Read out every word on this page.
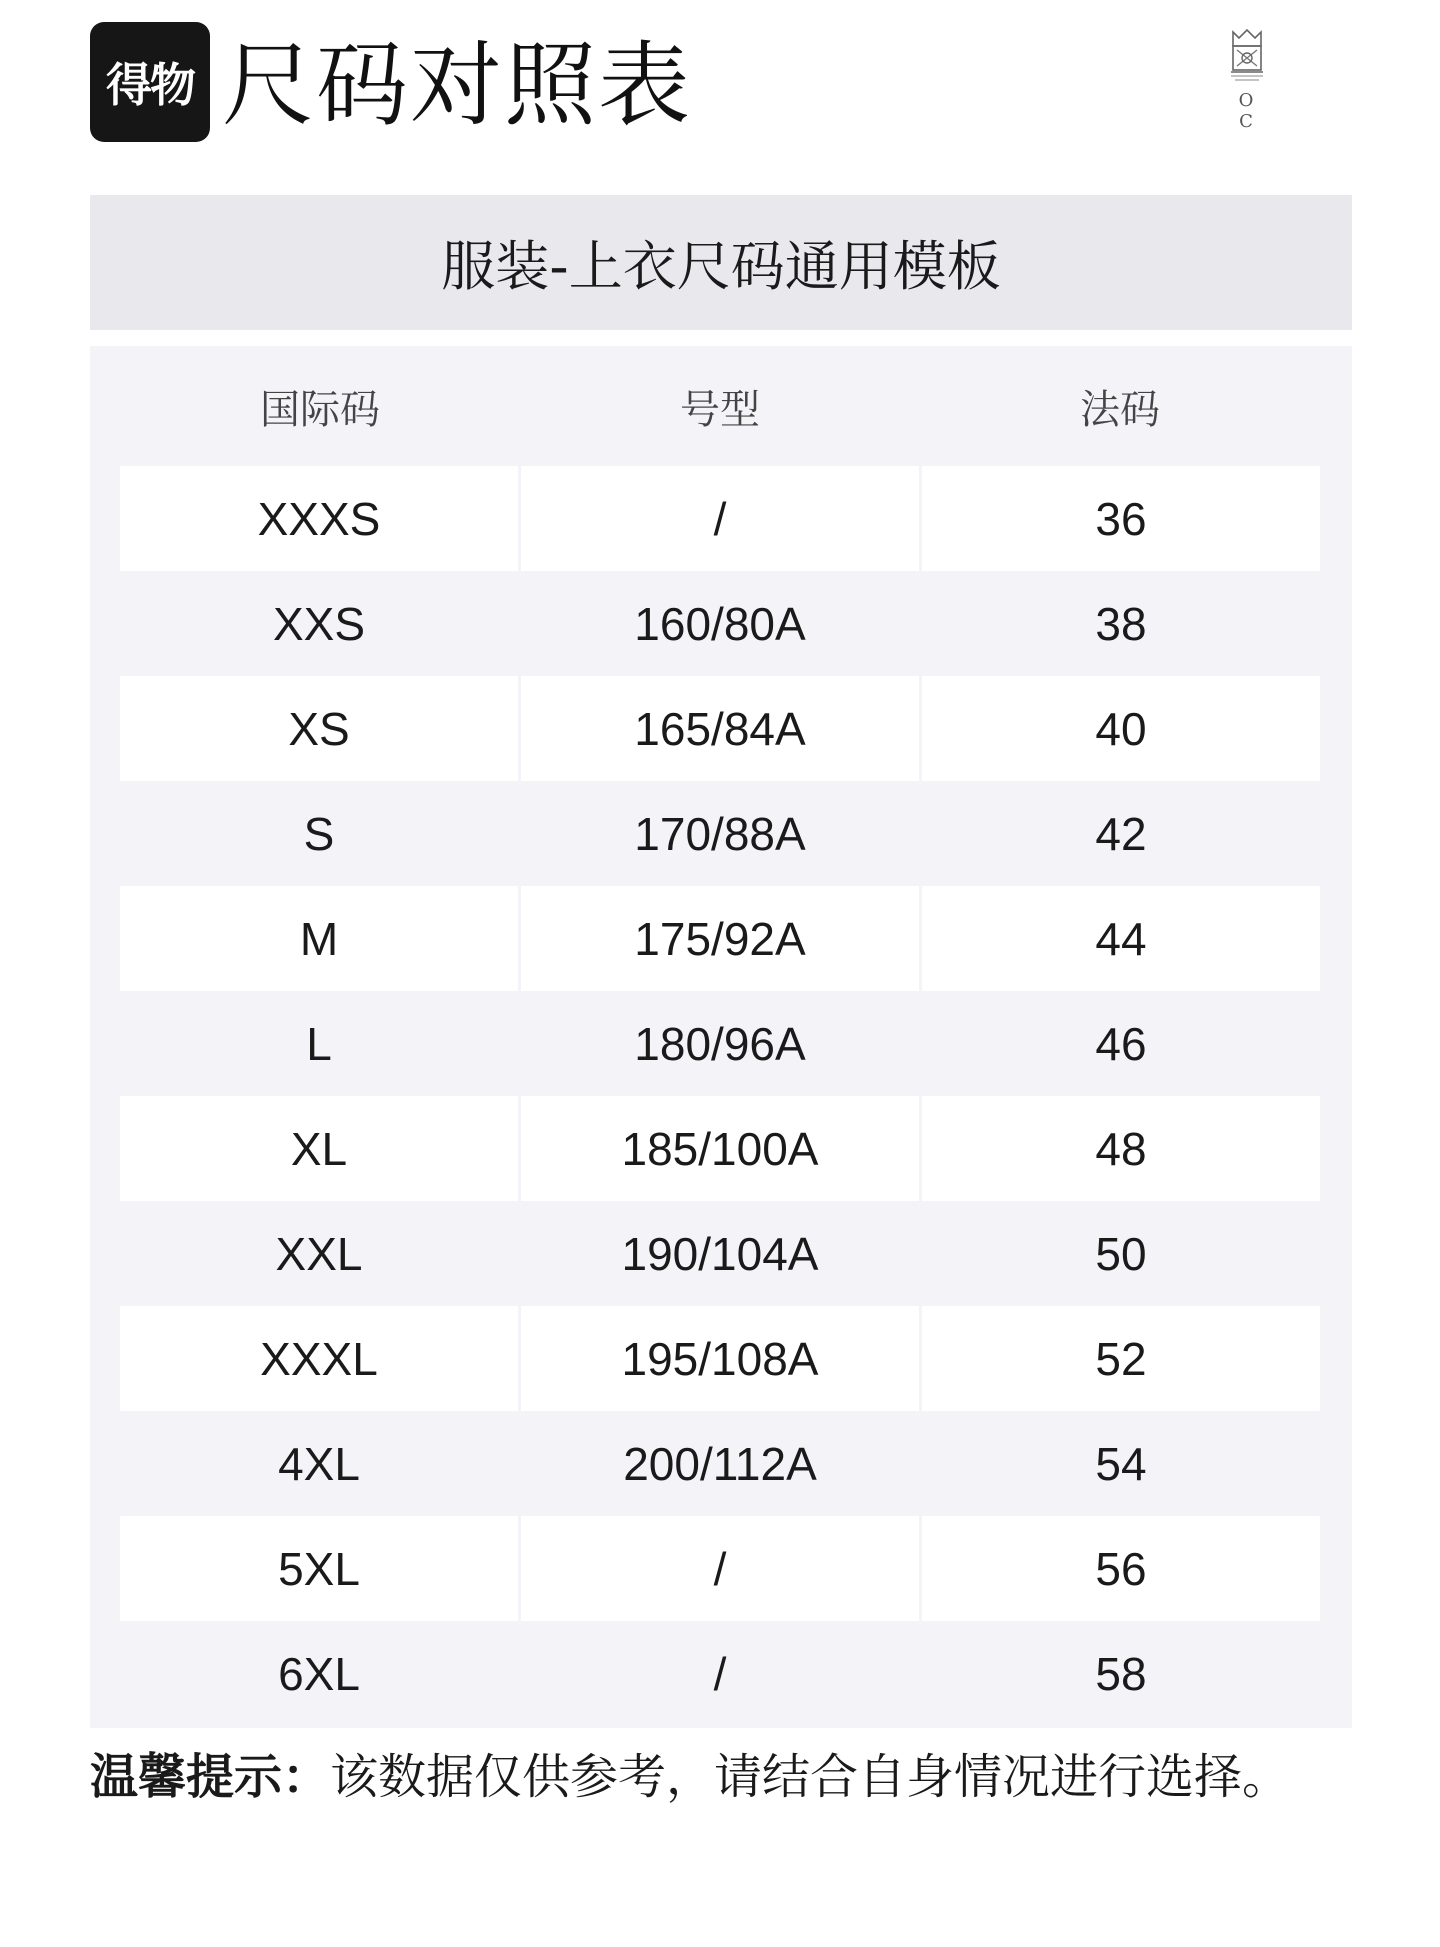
得物 尺码对照表	O C
服装-上衣尺码通用模板
国际码	号型	法码
XXXS	/	36
XXS	160/80A	38
XS	165/84A	40
S	170/88A	42
M	175/92A	44
L	180/96A	46
XL	185/100A	48
XXL	190/104A	50
XXXL	195/108A	52
4XL	200/112A	54
5XL	/	56
6XL	/	58
温馨提示：该数据仅供参考，请结合自身情况进行选择。
